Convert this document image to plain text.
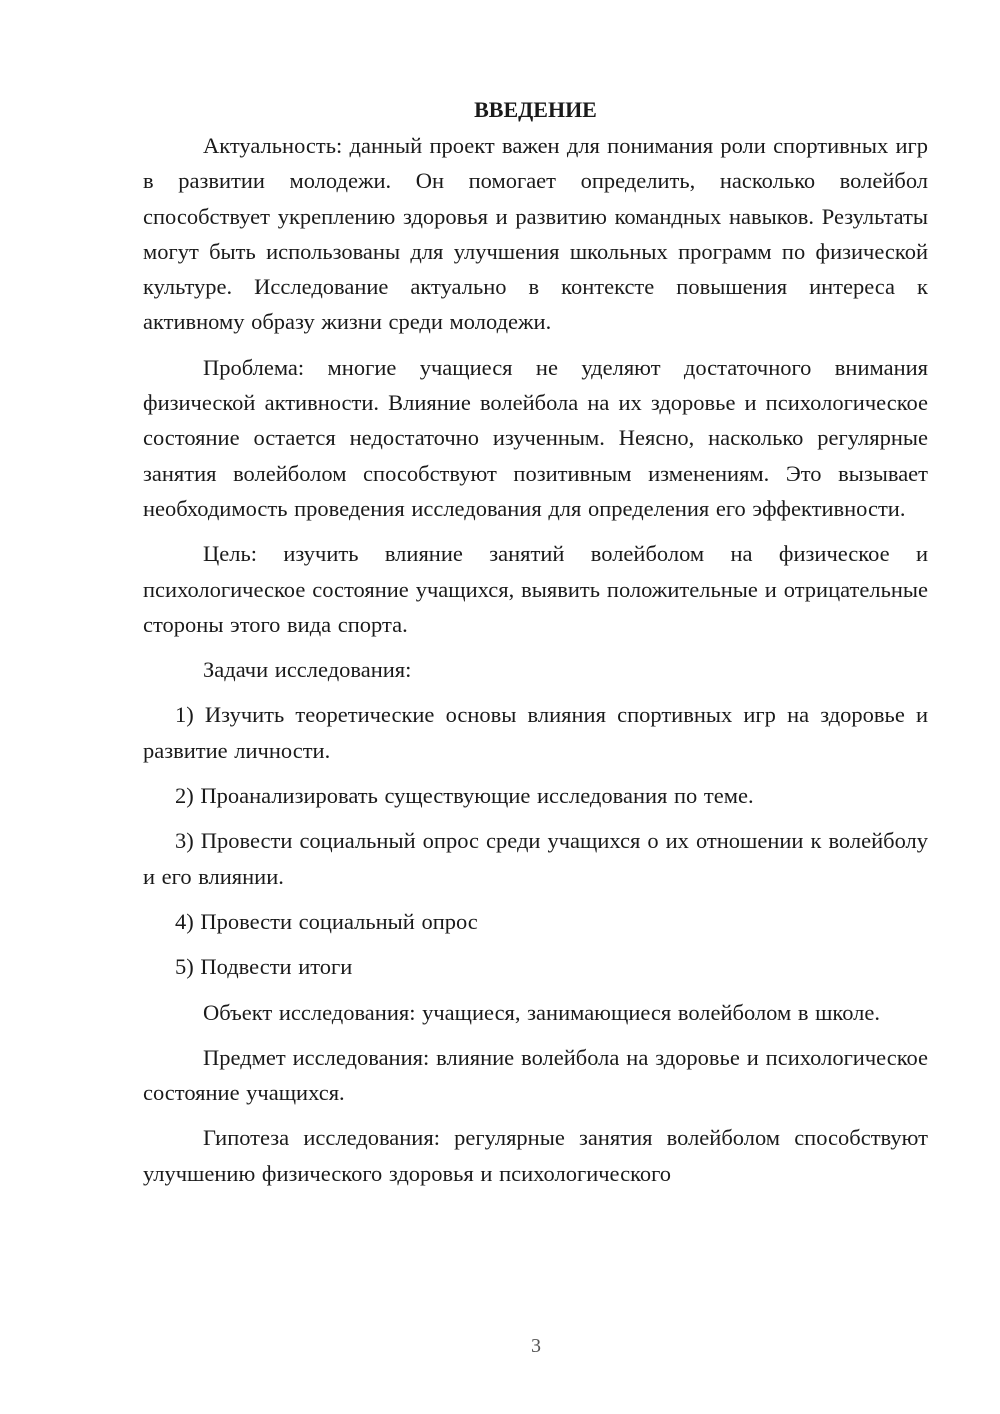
ВВЕДЕНИЕ

Актуальность: данный проект важен для понимания роли спортивных игр в развитии молодежи. Он помогает определить, насколько волейбол способствует укреплению здоровья и развитию командных навыков. Результаты могут быть использованы для улучшения школьных программ по физической культуре. Исследование актуально в контексте повышения интереса к активному образу жизни среди молодежи.

Проблема: многие учащиеся не уделяют достаточного внимания физической активности. Влияние волейбола на их здоровье и психологическое состояние остается недостаточно изученным. Неясно, насколько регулярные занятия волейболом способствуют позитивным изменениям. Это вызывает необходимость проведения исследования для определения его эффективности.

Цель: изучить влияние занятий волейболом на физическое и психологическое состояние учащихся, выявить положительные и отрицательные стороны этого вида спорта.

Задачи исследования:

1) Изучить теоретические основы влияния спортивных игр на здоровье и развитие личности.

2) Проанализировать существующие исследования по теме.

3) Провести социальный опрос среди учащихся о их отношении к волейболу и его влиянии.

4) Провести социальный опрос

5) Подвести итоги

Объект исследования: учащиеся, занимающиеся волейболом в школе.

Предмет исследования: влияние волейбола на здоровье и психологическое состояние учащихся.

Гипотеза исследования: регулярные занятия волейболом способствуют улучшению физического здоровья и психологического

3
